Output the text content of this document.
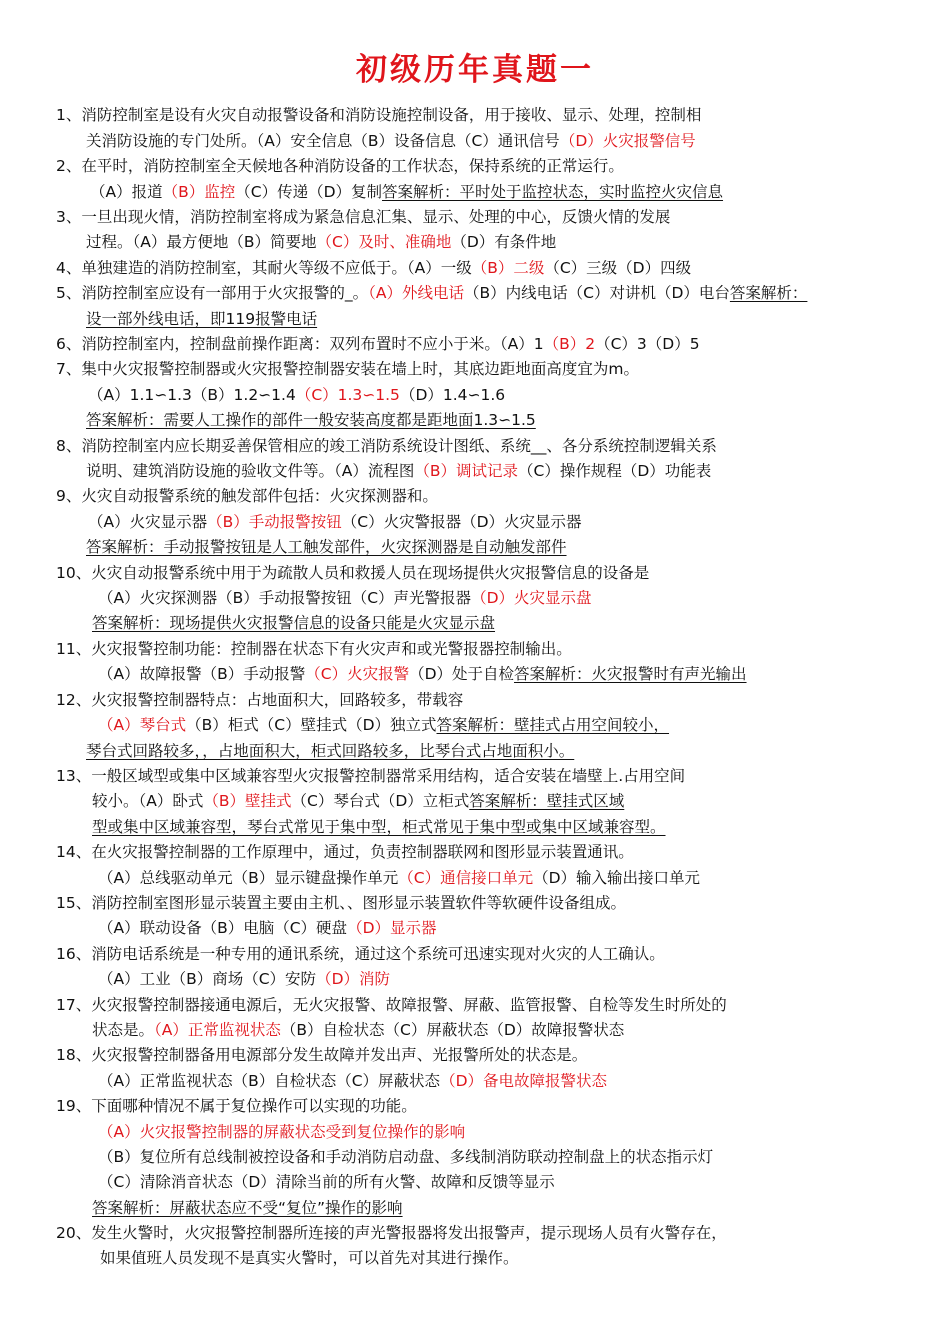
初级历年真题一
1、消防控制室是设有火灾自动报警设备和消防设施控制设备，用于接收、显示、处理，控制相
关消防设施的专门处所。（A）安全信息（B）设备信息（C）通讯信号（D）火灾报警信号
2、在平时，消防控制室全天候地各种消防设备的工作状态，保持系统的正常运行。
（A）报道（B）监控（C）传递（D）复制答案解析：平时处于监控状态，实时监控火灾信息
3、一旦出现火情，消防控制室将成为紧急信息汇集、显示、处理的中心，反馈火情的发展
过程。（A）最方便地（B）简要地（C）及时、准确地（D）有条件地
4、单独建造的消防控制室，其耐火等级不应低于。（A）一级（B）二级（C）三级（D）四级
5、消防控制室应设有一部用于火灾报警的_。（A）外线电话（B）内线电话（C）对讲机（D）电台答案解析：
设一部外线电话，即119报警电话
6、消防控制室内，控制盘前操作距离：双列布置时不应小于米。（A）1（B）2（C）3（D）5
7、集中火灾报警控制器或火灾报警控制器安装在墙上时，其底边距地面高度宜为m。
（A）1.1∽1.3（B）1.2∽1.4（C）1.3∽1.5（D）1.4∽1.6
答案解析：需要人工操作的部件一般安装高度都是距地面1.3∽1.5
8、消防控制室内应长期妥善保管相应的竣工消防系统设计图纸、系统__、各分系统控制逻辑关系
说明、建筑消防设施的验收文件等。（A）流程图（B）调试记录（C）操作规程（D）功能表
9、火灾自动报警系统的触发部件包括：火灾探测器和。
（A）火灾显示器（B）手动报警按钮（C）火灾警报器（D）火灾显示器
答案解析：手动报警按钮是人工触发部件，火灾探测器是自动触发部件
10、火灾自动报警系统中用于为疏散人员和救援人员在现场提供火灾报警信息的设备是
（A）火灾探测器（B）手动报警按钮（C）声光警报器（D）火灾显示盘
答案解析：现场提供火灾报警信息的设备只能是火灾显示盘
11、火灾报警控制功能：控制器在状态下有火灾声和或光警报器控制输出。
（A）故障报警（B）手动报警（C）火灾报警（D）处于自检答案解析：火灾报警时有声光输出
12、火灾报警控制器特点：占地面积大，回路较多，带载容
（A）琴台式（B）柜式（C）壁挂式（D）独立式答案解析：壁挂式占用空间较小，
琴台式回路较多，，占地面积大，柜式回路较多，比琴台式占地面积小。
13、一般区域型或集中区域兼容型火灾报警控制器常采用结构，适合安装在墙壁上.占用空间
较小。（A）卧式（B）壁挂式（C）琴台式（D）立柜式答案解析：壁挂式区域
型或集中区域兼容型，琴台式常见于集中型，柜式常见于集中型或集中区域兼容型。
14、在火灾报警控制器的工作原理中，通过，负责控制器联网和图形显示装置通讯。
（A）总线驱动单元（B）显示键盘操作单元（C）通信接口单元（D）输入输出接口单元
15、消防控制室图形显示装置主要由主机、、图形显示装置软件等软硬件设备组成。
（A）联动设备（B）电脑（C）硬盘（D）显示器
16、消防电话系统是一种专用的通讯系统，通过这个系统可迅速实现对火灾的人工确认。
（A）工业（B）商场（C）安防（D）消防
17、火灾报警控制器接通电源后，无火灾报警、故障报警、屏蔽、监管报警、自检等发生时所处的
状态是。（A）正常监视状态（B）自检状态（C）屏蔽状态（D）故障报警状态
18、火灾报警控制器备用电源部分发生故障并发出声、光报警所处的状态是。
（A）正常监视状态（B）自检状态（C）屏蔽状态（D）备电故障报警状态
19、下面哪种情况不属于复位操作可以实现的功能。
（A）火灾报警控制器的屏蔽状态受到复位操作的影响
（B）复位所有总线制被控设备和手动消防启动盘、多线制消防联动控制盘上的状态指示灯
（C）清除消音状态（D）清除当前的所有火警、故障和反馈等显示
答案解析：屏蔽状态应不受“复位”操作的影响
20、发生火警时，火灾报警控制器所连接的声光警报器将发出报警声，提示现场人员有火警存在，
如果值班人员发现不是真实火警时，可以首先对其进行操作。
